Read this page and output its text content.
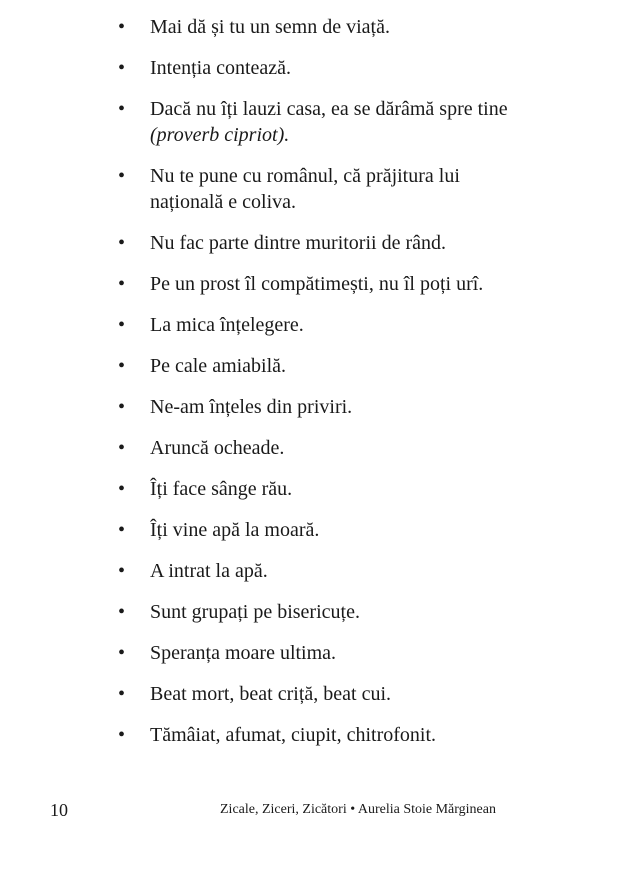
• Mai dă și tu un semn de viață.
• Intenția contează.
• Dacă nu îți lauzi casa, ea se dărâmă spre tine (proverb cipriot).
• Nu te pune cu românul, că prăjitura lui națională e coliva.
• Nu fac parte dintre muritorii de rând.
• Pe un prost îl compătimești, nu îl poți urî.
• La mica înțelegere.
• Pe cale amiabilă.
• Ne-am înțeles din priviri.
• Aruncă ocheade.
• Îți face sânge rău.
• Îți vine apă la moară.
• A intrat la apă.
• Sunt grupați pe bisericuțe.
• Speranța moare ultima.
• Beat mort, beat criță, beat cui.
• Tămâiat, afumat, ciupit, chitrofonit.
10	Zicale, Ziceri, Zicători • Aurelia Stoie Mărginean
